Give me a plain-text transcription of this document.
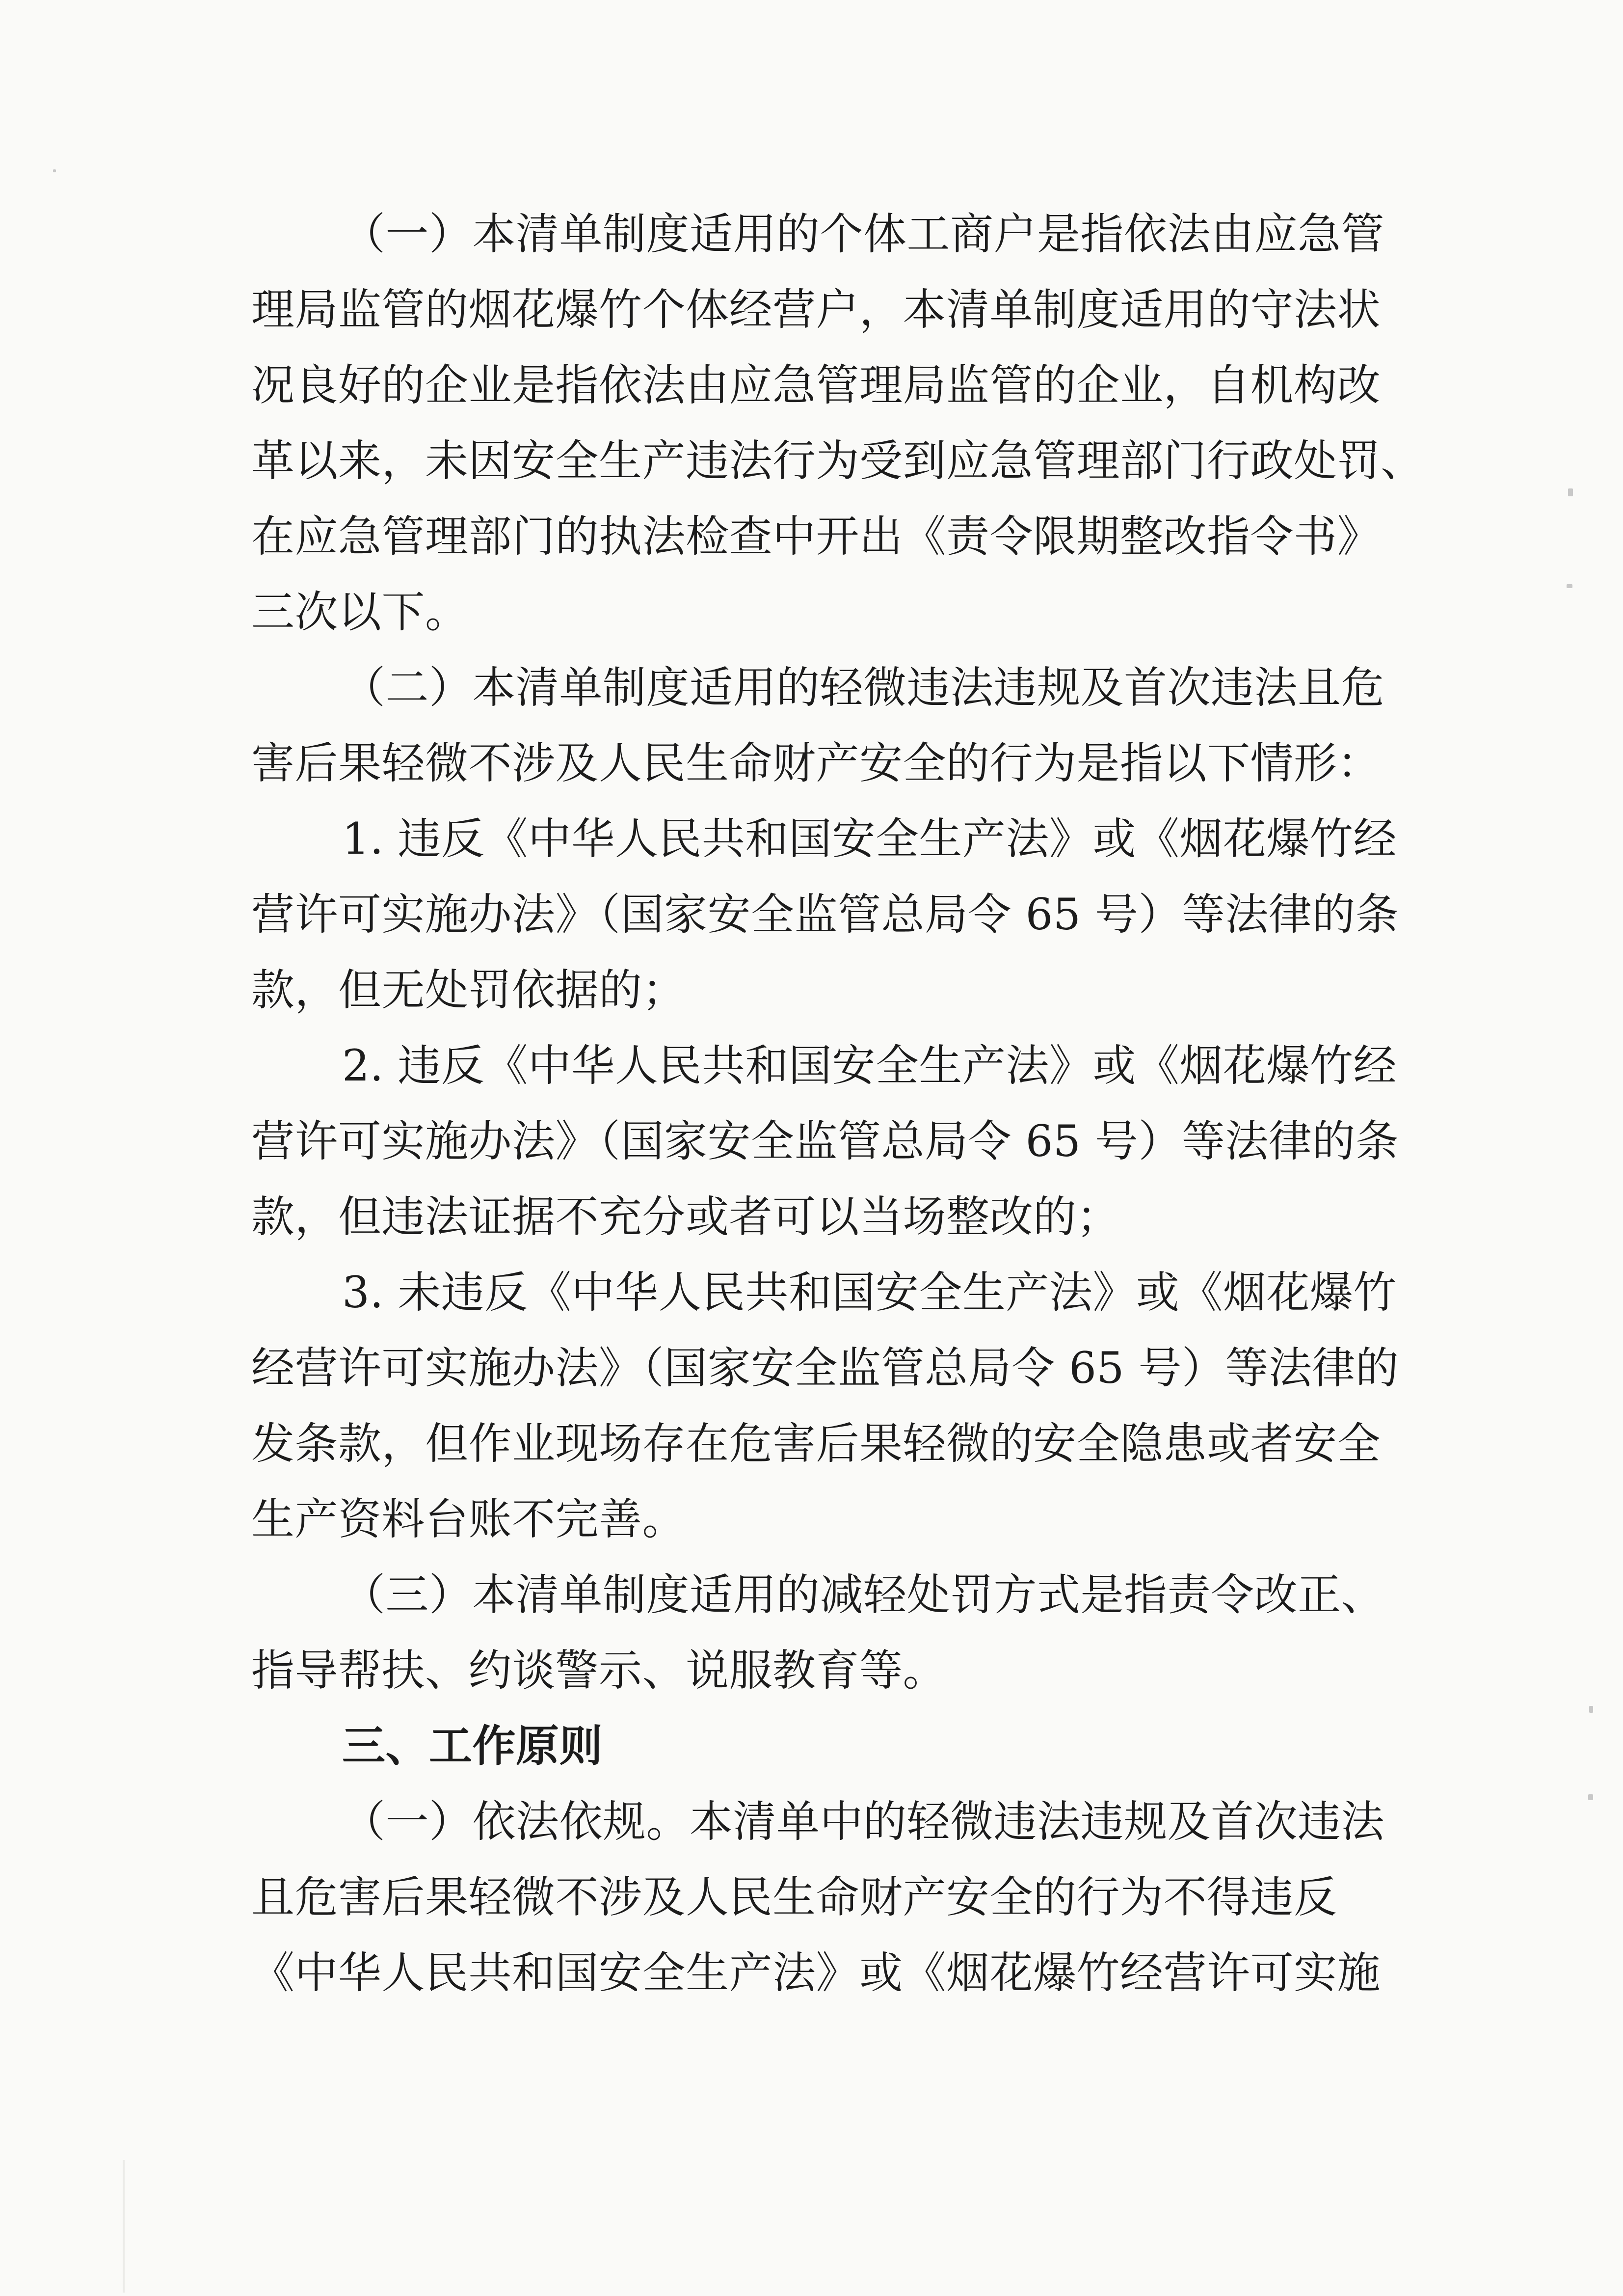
（一）本清单制度适用的个体工商户是指依法由应急管
理局监管的烟花爆竹个体经营户，本清单制度适用的守法状
况良好的企业是指依法由应急管理局监管的企业，自机构改
革以来，未因安全生产违法行为受到应急管理部门行政处罚、
在应急管理部门的执法检查中开出《责令限期整改指令书》
三次以下。
（二）本清单制度适用的轻微违法违规及首次违法且危
害后果轻微不涉及人民生命财产安全的行为是指以下情形：
1. 违反《中华人民共和国安全生产法》或《烟花爆竹经
营许可实施办法》（国家安全监管总局令 65 号）等法律的条
款，但无处罚依据的；
2. 违反《中华人民共和国安全生产法》或《烟花爆竹经
营许可实施办法》（国家安全监管总局令 65 号）等法律的条
款，但违法证据不充分或者可以当场整改的；
3. 未违反《中华人民共和国安全生产法》或《烟花爆竹
经营许可实施办法》（国家安全监管总局令 65 号）等法律的
发条款，但作业现场存在危害后果轻微的安全隐患或者安全
生产资料台账不完善。
（三）本清单制度适用的减轻处罚方式是指责令改正、
指导帮扶、约谈警示、说服教育等。
三、工作原则
（一）依法依规。本清单中的轻微违法违规及首次违法
且危害后果轻微不涉及人民生命财产安全的行为不得违反
《中华人民共和国安全生产法》或《烟花爆竹经营许可实施
